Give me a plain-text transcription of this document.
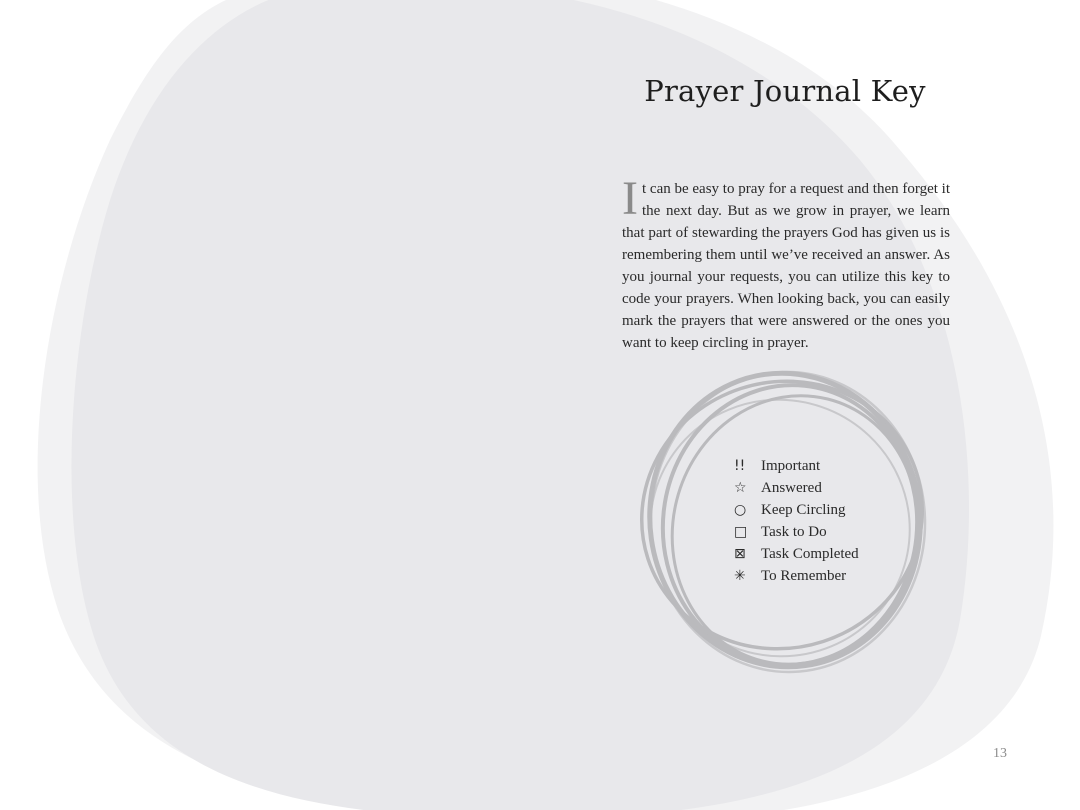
Prayer Journal Key

It can be easy to pray for a request and then forget it the next day. But as we grow in prayer, we learn that part of stewarding the prayers God has given us is remembering them until we’ve received an answer. As you journal your requests, you can utilize this key to code your prayers. When looking back, you can easily mark the prayers that were answered or the ones you want to keep circling in prayer.

!!	Important
☆ Answered
○ Keep Circling
□ Task to Do
⊠	Task Completed
✳	To Remember
13
